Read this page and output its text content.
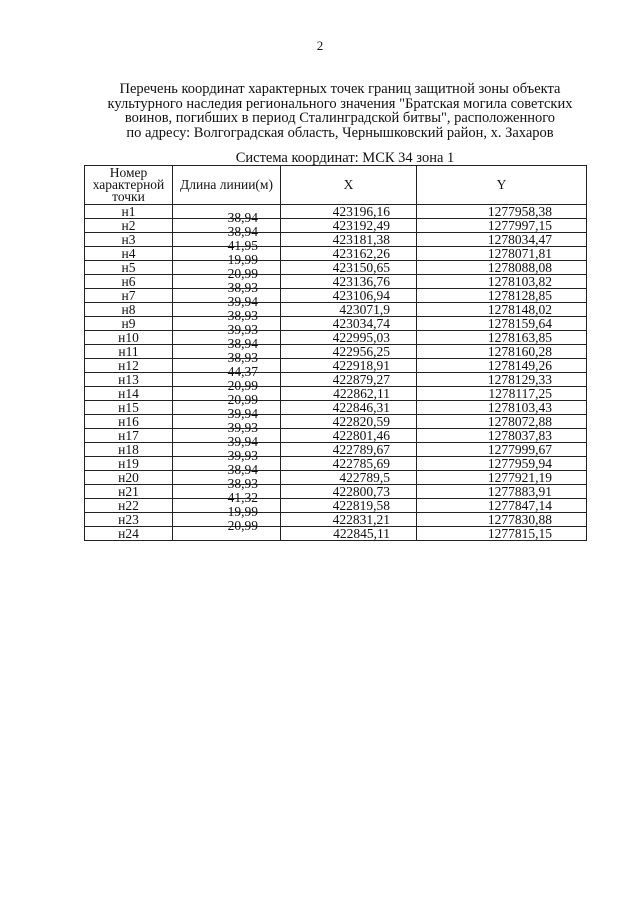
2
Перечень координат характерных точек границ защитной зоны объекта
культурного наследия регионального значения "Братская могила советских
воинов, погибших в период Сталинградской битвы", расположенного
по адресу: Волгоградская область, Чернышковский район, х. Захаров
Система координат: МСК 34 зона 1
Номер характерной точки	Длина линии(м)	X	Y
н1	38,94	423196,16	1277958,38
н2	38,94	423192,49	1277997,15
н3	41,95	423181,38	1278034,47
н4	19,99	423162,26	1278071,81
н5	20,99	423150,65	1278088,08
н6	38,93	423136,76	1278103,82
н7	39,94	423106,94	1278128,85
н8	38,93	423071,9	1278148,02
н9	39,93	423034,74	1278159,64
н10	38,94	422995,03	1278163,85
н11	38,93	422956,25	1278160,28
н12	44,37	422918,91	1278149,26
н13	20,99	422879,27	1278129,33
н14	20,99	422862,11	1278117,25
н15	39,94	422846,31	1278103,43
н16	39,93	422820,59	1278072,88
н17	39,94	422801,46	1278037,83
н18	39,93	422789,67	1277999,67
н19	38,94	422785,69	1277959,94
н20	38,93	422789,5	1277921,19
н21	41,32	422800,73	1277883,91
н22	19,99	422819,58	1277847,14
н23	20,99	422831,21	1277830,88
н24		422845,11	1277815,15
